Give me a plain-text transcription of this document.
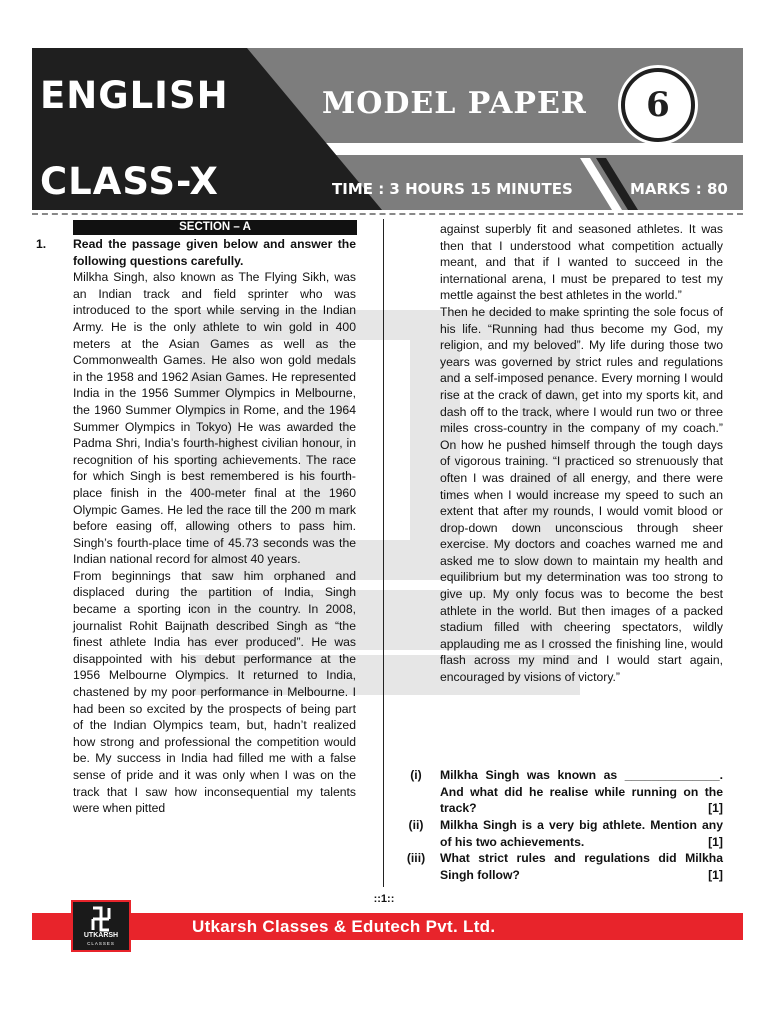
ENGLISH
CLASS-X
MODEL PAPER	6
TIME : 3 HOURS 15 MINUTES	MARKS : 80
SECTION – A
1. Read the passage given below and answer the following questions carefully.

Milkha Singh, also known as The Flying Sikh, was an Indian track and field sprinter who was introduced to the sport while serving in the Indian Army. He is the only athlete to win gold in 400 meters at the Asian Games as well as the Commonwealth Games. He also won gold medals in the 1958 and 1962 Asian Games. He represented India in the 1956 Summer Olympics in Melbourne, the 1960 Summer Olympics in Rome, and the 1964 Summer Olympics in Tokyo) He was awarded the Padma Shri, India’s fourth-highest civilian honour, in recognition of his sporting achievements. The race for which Singh is best remembered is his fourth-place finish in the 400-meter final at the 1960 Olympic Games. He led the race till the 200 m mark before easing off, allowing others to pass him. Singh’s fourth-place time of 45.73 seconds was the Indian national record for almost 40 years.

From beginnings that saw him orphaned and displaced during the partition of India, Singh became a sporting icon in the country. In 2008, journalist Rohit Baijnath described Singh as “the finest athlete India has ever produced”. He was disappointed with his debut performance at the 1956 Melbourne Olympics. It returned to India, chastened by my poor performance in Melbourne. I had been so excited by the prospects of being part of the Indian Olympics team, but, hadn’t realized how strong and professional the competition would be. My success in India had filled me with a false sense of pride and it was only when I was on the track that I saw how inconsequential my talents were when pitted

against superbly fit and seasoned athletes. It was then that I understood what competition actually meant, and that if I wanted to succeed in the international arena, I must be prepared to test my mettle against the best athletes in the world.”

Then he decided to make sprinting the sole focus of his life. “Running had thus become my God, my religion, and my beloved”. My life during those two years was governed by strict rules and regulations and a self-imposed penance. Every morning I would rise at the crack of dawn, get into my sports kit, and dash off to the track, where I would run two or three miles cross-country in the company of my coach.” On how he pushed himself through the tough days of vigorous training. “I practiced so strenuously that often I was drained of all energy, and there were times when I would increase my speed to such an extent that after my rounds, I would vomit blood or drop-down down unconscious through sheer exercise. My doctors and coaches warned me and asked me to slow down to maintain my health and equilibrium but my determination was too strong to give up. My only focus was to become the best athlete in the world. But then images of a packed stadium filled with cheering spectators, wildly applauding me as I crossed the finishing line, would flash across my mind and I would start again, encouraged by visions of victory.”

(i)	Milkha Singh was known as ______________. And what did he realise while running on the track?	[1]
(ii)	Milkha Singh is a very big athlete. Mention any of his two achievements.	[1]
(iii)	What strict rules and regulations did Milkha Singh follow?	[1]
::1::
Utkarsh Classes & Edutech Pvt. Ltd.
UTKARSH
CLASSES
